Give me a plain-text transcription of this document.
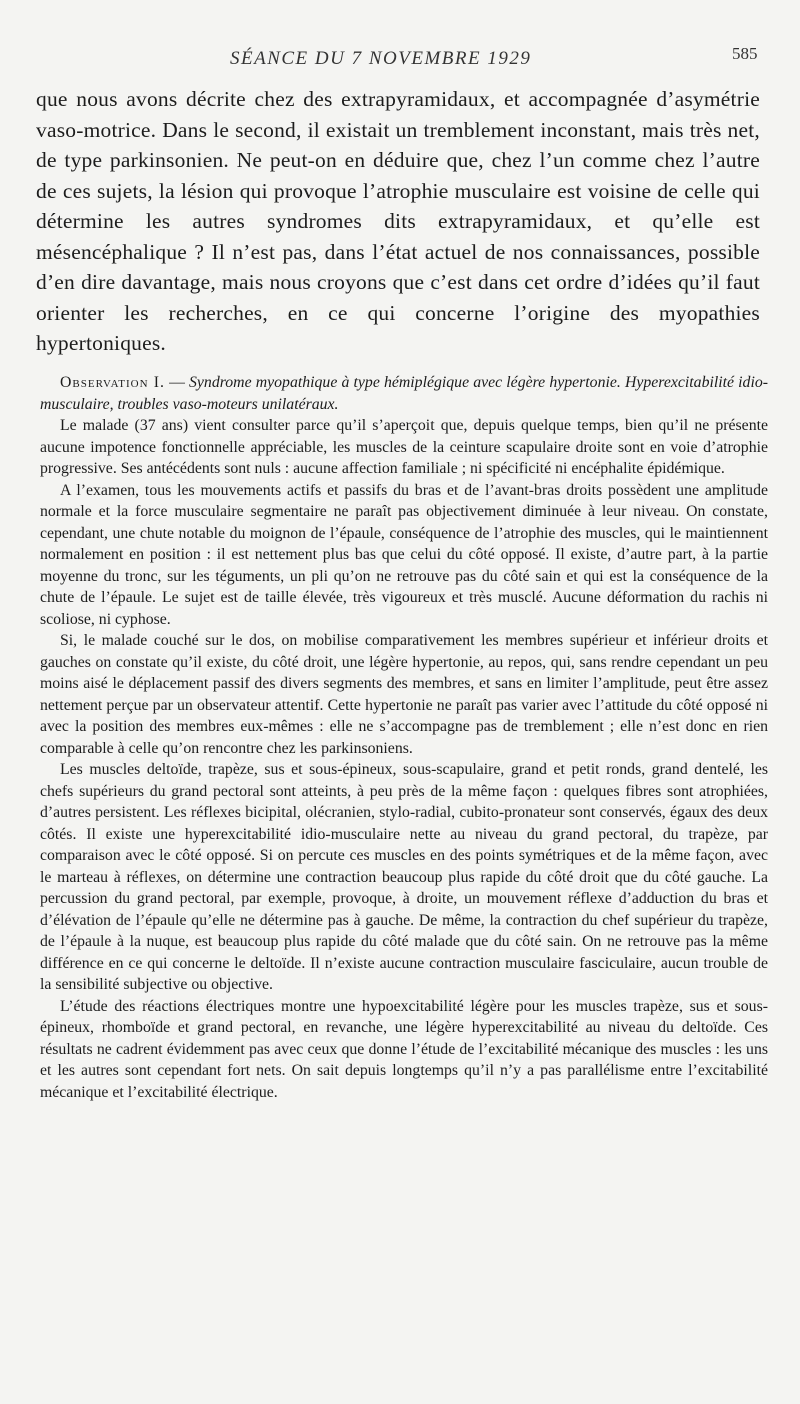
SÉANCE DU 7 NOVEMBRE 1929	585

que nous avons décrite chez des extrapyramidaux, et accompagnée d’asymétrie vaso-motrice. Dans le second, il existait un tremblement inconstant, mais très net, de type parkinsonien. Ne peut-on en déduire que, chez l’un comme chez l’autre de ces sujets, la lésion qui provoque l’atrophie musculaire est voisine de celle qui détermine les autres syndromes dits extrapyramidaux, et qu’elle est mésencéphalique ? Il n’est pas, dans l’état actuel de nos connaissances, possible d’en dire davantage, mais nous croyons que c’est dans cet ordre d’idées qu’il faut orienter les recherches, en ce qui concerne l’origine des myopathies hypertoniques.

Observation I. — Syndrome myopathique à type hémiplégique avec légère hypertonie. Hyperexcitabilité idio-musculaire, troubles vaso-moteurs unilatéraux.

Le malade (37 ans) vient consulter parce qu’il s’aperçoit que, depuis quelque temps, bien qu’il ne présente aucune impotence fonctionnelle appréciable, les muscles de la ceinture scapulaire droite sont en voie d’atrophie progressive. Ses antécédents sont nuls : aucune affection familiale ; ni spécificité ni encéphalite épidémique.

A l’examen, tous les mouvements actifs et passifs du bras et de l’avant-bras droits possèdent une amplitude normale et la force musculaire segmentaire ne paraît pas objectivement diminuée à leur niveau. On constate, cependant, une chute notable du moignon de l’épaule, conséquence de l’atrophie des muscles, qui le maintiennent normalement en position : il est nettement plus bas que celui du côté opposé. Il existe, d’autre part, à la partie moyenne du tronc, sur les téguments, un pli qu’on ne retrouve pas du côté sain et qui est la conséquence de la chute de l’épaule. Le sujet est de taille élevée, très vigoureux et très musclé. Aucune déformation du rachis ni scoliose, ni cyphose.

Si, le malade couché sur le dos, on mobilise comparativement les membres supérieur et inférieur droits et gauches on constate qu’il existe, du côté droit, une légère hypertonie, au repos, qui, sans rendre cependant un peu moins aisé le déplacement passif des divers segments des membres, et sans en limiter l’amplitude, peut être assez nettement perçue par un observateur attentif. Cette hypertonie ne paraît pas varier avec l’attitude du côté opposé ni avec la position des membres eux-mêmes : elle ne s’accompagne pas de tremblement ; elle n’est donc en rien comparable à celle qu’on rencontre chez les parkinsoniens.

Les muscles deltoïde, trapèze, sus et sous-épineux, sous-scapulaire, grand et petit ronds, grand dentelé, les chefs supérieurs du grand pectoral sont atteints, à peu près de la même façon : quelques fibres sont atrophiées, d’autres persistent. Les réflexes bicipital, olécranien, stylo-radial, cubito-pronateur sont conservés, égaux des deux côtés. Il existe une hyperexcitabilité idio-musculaire nette au niveau du grand pectoral, du trapèze, par comparaison avec le côté opposé. Si on percute ces muscles en des points symétriques et de la même façon, avec le marteau à réflexes, on détermine une contraction beaucoup plus rapide du côté droit que du côté gauche. La percussion du grand pectoral, par exemple, provoque, à droite, un mouvement réflexe d’adduction du bras et d’élévation de l’épaule qu’elle ne détermine pas à gauche. De même, la contraction du chef supérieur du trapèze, de l’épaule à la nuque, est beaucoup plus rapide du côté malade que du côté sain. On ne retrouve pas la même différence en ce qui concerne le deltoïde. Il n’existe aucune contraction musculaire fasciculaire, aucun trouble de la sensibilité subjective ou objective.

L’étude des réactions électriques montre une hypoexcitabilité légère pour les muscles trapèze, sus et sous-épineux, rhomboïde et grand pectoral, en revanche, une légère hyperexcitabilité au niveau du deltoïde. Ces résultats ne cadrent évidemment pas avec ceux que donne l’étude de l’excitabilité mécanique des muscles : les uns et les autres sont cependant fort nets. On sait depuis longtemps qu’il n’y a pas parallélisme entre l’excitabilité mécanique et l’excitabilité électrique.
